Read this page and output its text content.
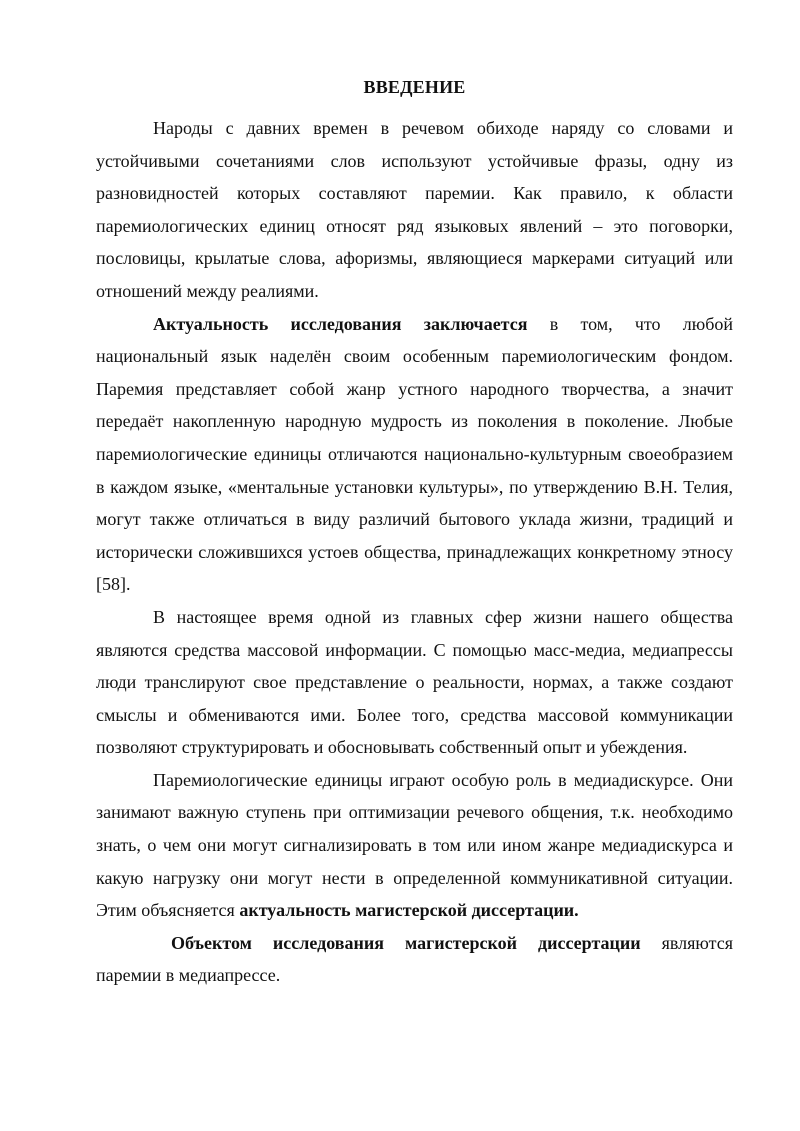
ВВЕДЕНИЕ

Народы с давних времен в речевом обиходе наряду со словами и устойчивыми сочетаниями слов используют устойчивые фразы, одну из разновидностей которых составляют паремии. Как правило, к области паремиологических единиц относят ряд языковых явлений – это поговорки, пословицы, крылатые слова, афоризмы, являющиеся маркерами ситуаций или отношений между реалиями.

Актуальность исследования заключается в том, что любой национальный язык наделён своим особенным паремиологическим фондом. Паремия представляет собой жанр устного народного творчества, а значит передаёт накопленную народную мудрость из поколения в поколение. Любые паремиологические единицы отличаются национально-культурным своеобразием в каждом языке, «ментальные установки культуры», по утверждению В.Н. Телия, могут также отличаться в виду различий бытового уклада жизни, традиций и исторически сложившихся устоев общества, принадлежащих конкретному этносу [58].

В настоящее время одной из главных сфер жизни нашего общества являются средства массовой информации. С помощью масс-медиа, медиапрессы люди транслируют свое представление о реальности, нормах, а также создают смыслы и обмениваются ими. Более того, средства массовой коммуникации позволяют структурировать и обосновывать собственный опыт и убеждения.

Паремиологические единицы играют особую роль в медиадискурсе. Они занимают важную ступень при оптимизации речевого общения, т.к. необходимо знать, о чем они могут сигнализировать в том или ином жанре медиадискурса и какую нагрузку они могут нести в определенной коммуникативной ситуации. Этим объясняется актуальность магистерской диссертации.

Объектом исследования магистерской диссертации являются паремии в медиапрессе.
